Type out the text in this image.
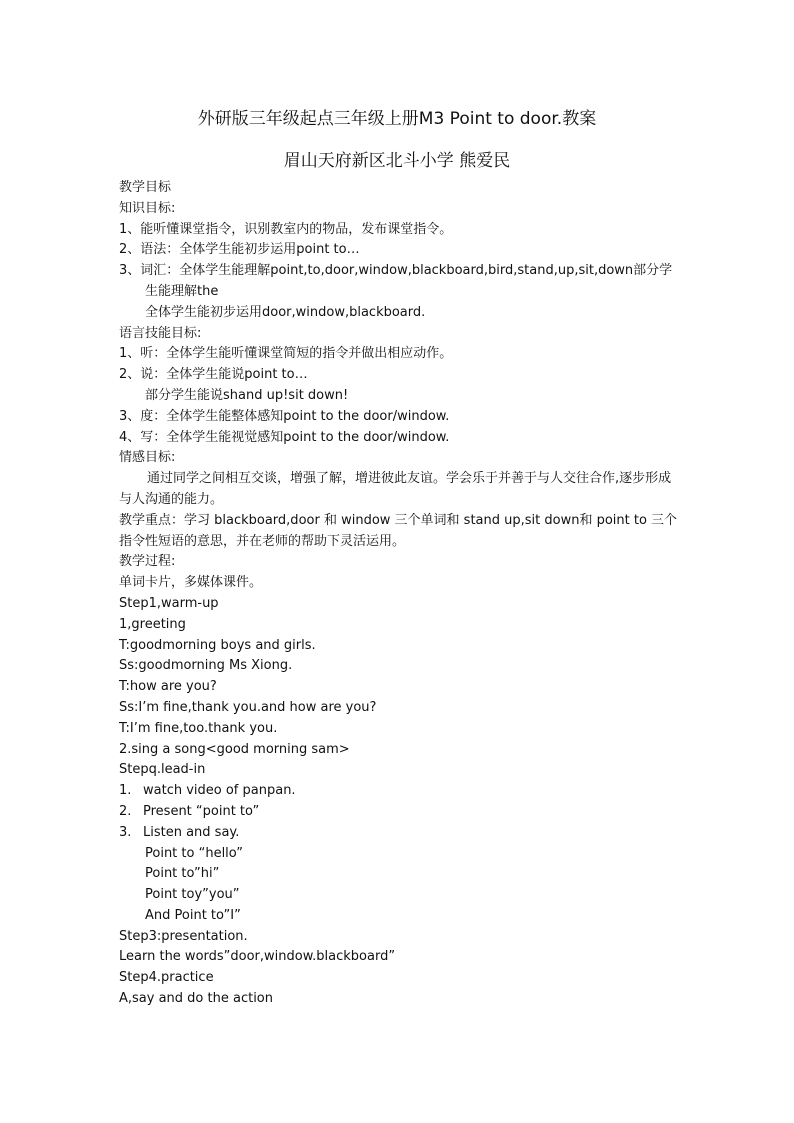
外研版三年级起点三年级上册M3 Point to door.教案
眉山天府新区北斗小学 熊爱民
教学目标
知识目标:
1、能听懂课堂指令，识别教室内的物品，发布课堂指令。
2、语法：全体学生能初步运用point to…
3、词汇：全体学生能理解point,to,door,window,blackboard,bird,stand,up,sit,down部分学生能理解the
全体学生能初步运用door,window,blackboard.
语言技能目标:
1、听：全体学生能听懂课堂简短的指令并做出相应动作。
2、说：全体学生能说point to…
部分学生能说shand up!sit down!
3、度：全体学生能整体感知point to the door/window.
4、写：全体学生能视觉感知point to the door/window.
情感目标:
通过同学之间相互交谈，增强了解，增进彼此友谊。学会乐于并善于与人交往合作,逐步形成与人沟通的能力。
教学重点：学习 blackboard,door 和 window 三个单词和 stand up,sit down和 point to 三个指令性短语的意思，并在老师的帮助下灵活运用。
教学过程:
单词卡片，多媒体课件。
Step1,warm-up
1,greeting
T:goodmorning boys and girls.
Ss:goodmorning Ms Xiong.
T:how are you?
Ss:I’m fine,thank you.and how are you?
T:I’m fine,too.thank you.
2.sing a song<good morning sam>
Stepq.lead-in
1. watch video of panpan.
2. Present “point to”
3. Listen and say.
Point to “hello”
Point to”hi”
Point toy”you”
And Point to”I”
Step3:presentation.
Learn the words”door,window.blackboard”
Step4.practice
A,say and do the action
